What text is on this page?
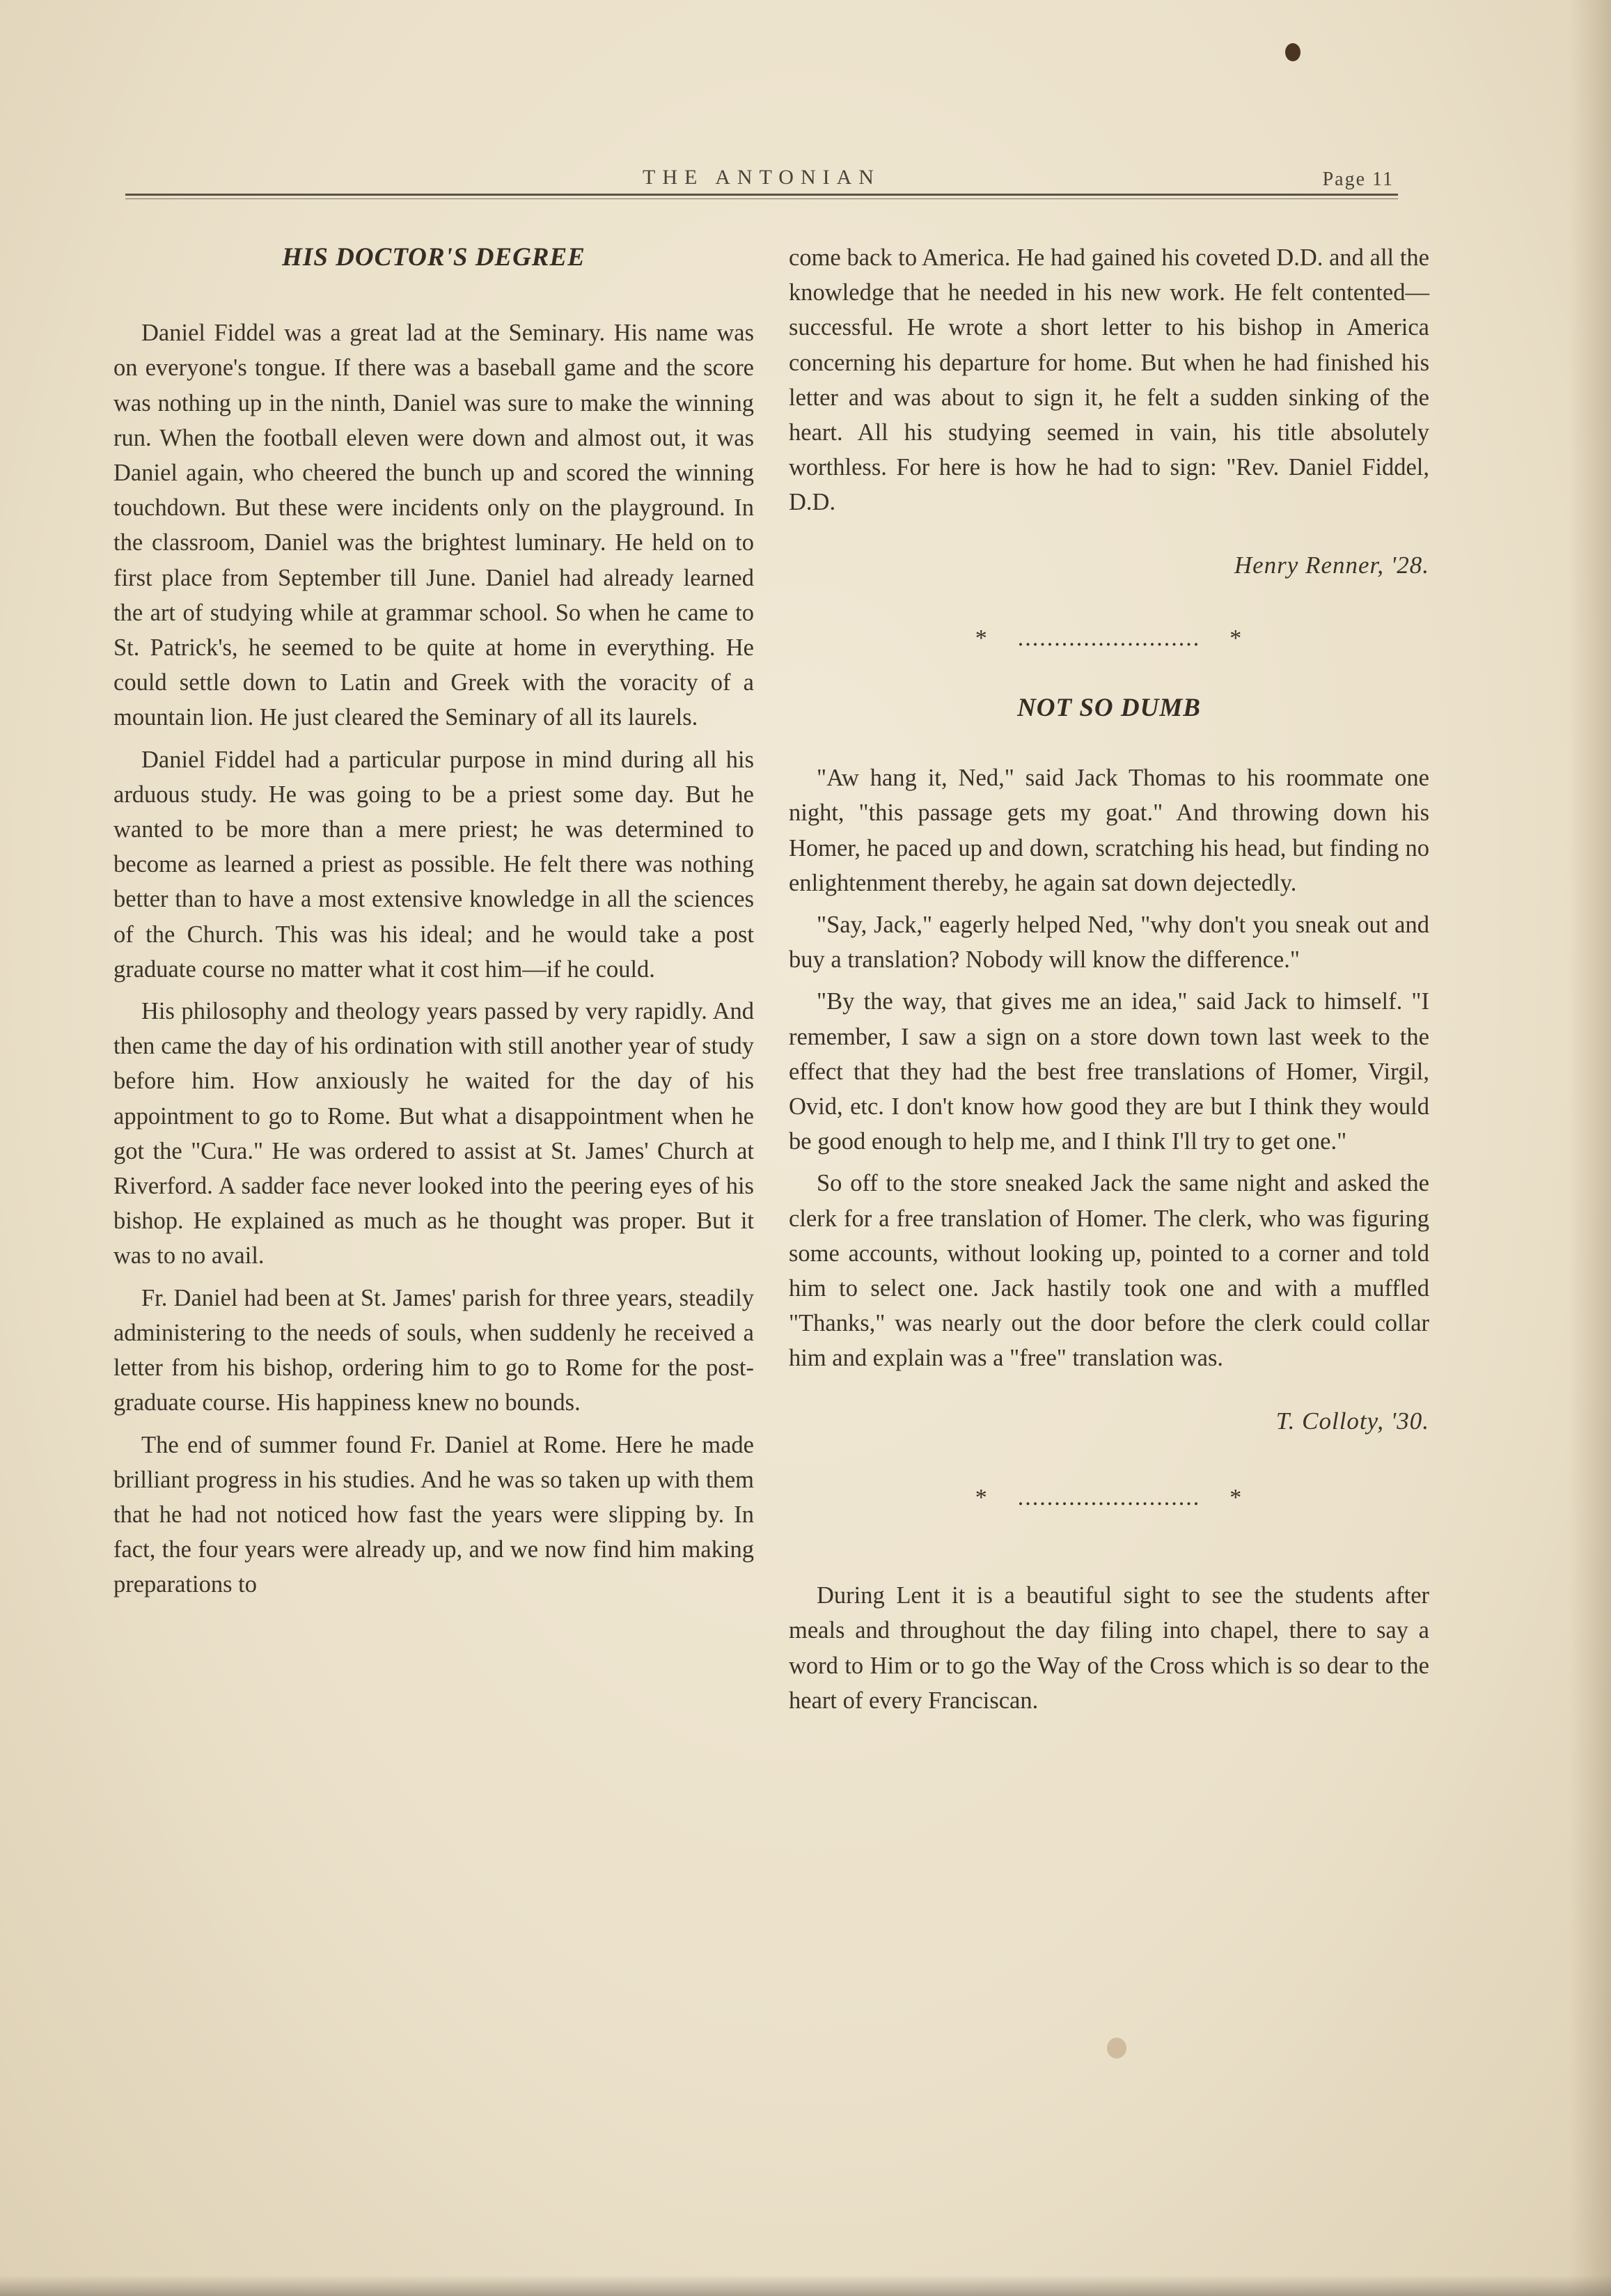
THE ANTONIAN	Page 11
HIS DOCTOR'S DEGREE

Daniel Fiddel was a great lad at the Seminary. His name was on everyone's tongue. If there was a baseball game and the score was nothing up in the ninth, Daniel was sure to make the winning run. When the football eleven were down and almost out, it was Daniel again, who cheered the bunch up and scored the winning touchdown. But these were incidents only on the playground. In the classroom, Daniel was the brightest luminary. He held on to first place from September till June. Daniel had already learned the art of studying while at grammar school. So when he came to St. Patrick's, he seemed to be quite at home in everything. He could settle down to Latin and Greek with the voracity of a mountain lion. He just cleared the Seminary of all its laurels.

Daniel Fiddel had a particular purpose in mind during all his arduous study. He was going to be a priest some day. But he wanted to be more than a mere priest; he was determined to become as learned a priest as possible. He felt there was nothing better than to have a most extensive knowledge in all the sciences of the Church. This was his ideal; and he would take a post graduate course no matter what it cost him—if he could.

His philosophy and theology years passed by very rapidly. And then came the day of his ordination with still another year of study before him. How anxiously he waited for the day of his appointment to go to Rome. But what a disappointment when he got the "Cura." He was ordered to assist at St. James' Church at Riverford. A sadder face never looked into the peering eyes of his bishop. He explained as much as he thought was proper. But it was to no avail.

Fr. Daniel had been at St. James' parish for three years, steadily administering to the needs of souls, when suddenly he received a letter from his bishop, ordering him to go to Rome for the post-graduate course. His happiness knew no bounds.

The end of summer found Fr. Daniel at Rome. Here he made brilliant progress in his studies. And he was so taken up with them that he had not noticed how fast the years were slipping by. In fact, the four years were already up, and we now find him making preparations to

come back to America. He had gained his coveted D.D. and all the knowledge that he needed in his new work. He felt contented—successful. He wrote a short letter to his bishop in America concerning his departure for home. But when he had finished his letter and was about to sign it, he felt a sudden sinking of the heart. All his studying seemed in vain, his title absolutely worthless. For here is how he had to sign: "Rev. Daniel Fiddel, D.D.

Henry Renner, '28.
*    .........................    *
NOT SO DUMB

"Aw hang it, Ned," said Jack Thomas to his roommate one night, "this passage gets my goat." And throwing down his Homer, he paced up and down, scratching his head, but finding no enlightenment thereby, he again sat down dejectedly.

"Say, Jack," eagerly helped Ned, "why don't you sneak out and buy a translation? Nobody will know the difference."

"By the way, that gives me an idea," said Jack to himself. "I remember, I saw a sign on a store down town last week to the effect that they had the best free translations of Homer, Virgil, Ovid, etc. I don't know how good they are but I think they would be good enough to help me, and I think I'll try to get one."

So off to the store sneaked Jack the same night and asked the clerk for a free translation of Homer. The clerk, who was figuring some accounts, without looking up, pointed to a corner and told him to select one. Jack hastily took one and with a muffled "Thanks," was nearly out the door before the clerk could collar him and explain was a "free" translation was.

T. Colloty, '30.
*    .........................    *

During Lent it is a beautiful sight to see the students after meals and throughout the day filing into chapel, there to say a word to Him or to go the Way of the Cross which is so dear to the heart of every Franciscan.
